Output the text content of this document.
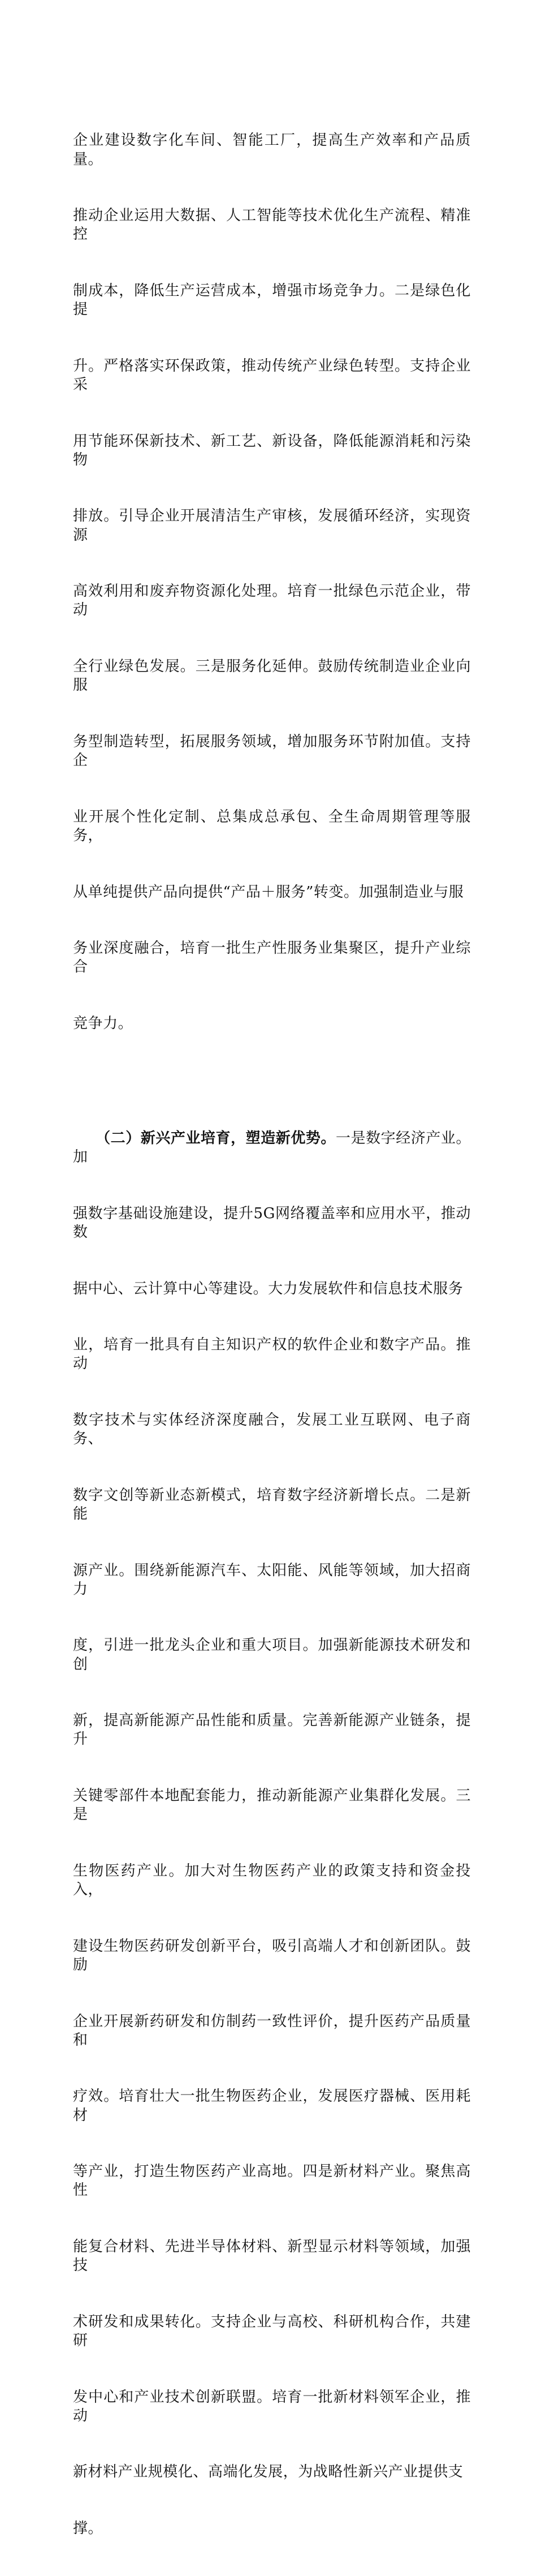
企业建设数字化车间、智能工厂，提高生产效率和产品质量。

推动企业运用大数据、人工智能等技术优化生产流程、精准控

制成本，降低生产运营成本，增强市场竞争力。二是绿色化提

升。严格落实环保政策，推动传统产业绿色转型。支持企业采

用节能环保新技术、新工艺、新设备，降低能源消耗和污染物

排放。引导企业开展清洁生产审核，发展循环经济，实现资源

高效利用和废弃物资源化处理。培育一批绿色示范企业，带动

全行业绿色发展。三是服务化延伸。鼓励传统制造业企业向服

务型制造转型，拓展服务领域，增加服务环节附加值。支持企

业开展个性化定制、总集成总承包、全生命周期管理等服务，

从单纯提供产品向提供“产品＋服务”转变。加强制造业与服

务业深度融合，培育一批生产性服务业集聚区，提升产业综合

竞争力。

　　（二）新兴产业培育，塑造新优势。一是数字经济产业。加

强数字基础设施建设，提升5G网络覆盖率和应用水平，推动数

据中心、云计算中心等建设。大力发展软件和信息技术服务

业，培育一批具有自主知识产权的软件企业和数字产品。推动

数字技术与实体经济深度融合，发展工业互联网、电子商务、

数字文创等新业态新模式，培育数字经济新增长点。二是新能

源产业。围绕新能源汽车、太阳能、风能等领域，加大招商力

度，引进一批龙头企业和重大项目。加强新能源技术研发和创

新，提高新能源产品性能和质量。完善新能源产业链条，提升

关键零部件本地配套能力，推动新能源产业集群化发展。三是

生物医药产业。加大对生物医药产业的政策支持和资金投入，

建设生物医药研发创新平台，吸引高端人才和创新团队。鼓励

企业开展新药研发和仿制药一致性评价，提升医药产品质量和

疗效。培育壮大一批生物医药企业，发展医疗器械、医用耗材

等产业，打造生物医药产业高地。四是新材料产业。聚焦高性

能复合材料、先进半导体材料、新型显示材料等领域，加强技

术研发和成果转化。支持企业与高校、科研机构合作，共建研

发中心和产业技术创新联盟。培育一批新材料领军企业，推动

新材料产业规模化、高端化发展，为战略性新兴产业提供支

撑。
